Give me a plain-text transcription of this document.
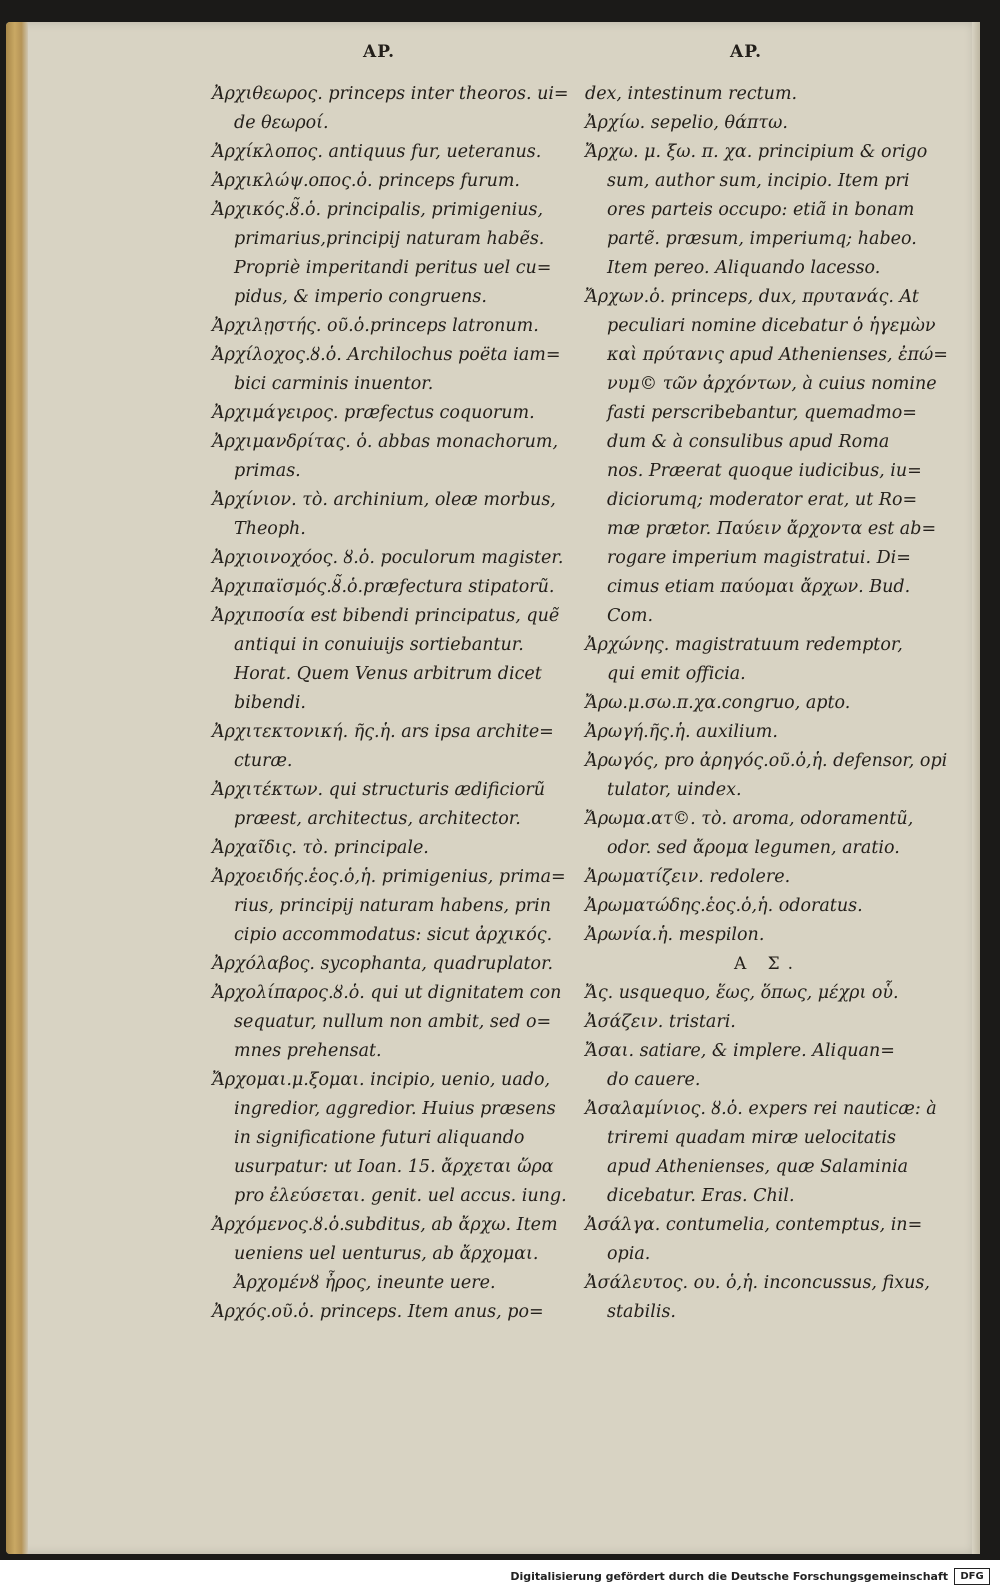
AP.	AP.
Ἀρχιθεωρος. princeps inter theoros. ui=
de θεωροί.
Ἀρχίκλοπος. antiquus fur, ueteranus.
Ἀρχικλώψ.οπος.ὁ. princeps furum.
Ἀρχικός.ȣ̃.ὁ. principalis, primigenius,
primarius,principij naturam habẽs.
Propriè imperitandi peritus uel cu=
pidus, & imperio congruens.
Ἀρχιλῃστής. οῦ.ὁ.princeps latronum.
Ἀρχίλοχος.ȣ.ὁ. Archilochus poëta iam=
bici carminis inuentor.
Ἀρχιμάγειρος. præfectus coquorum.
Ἀρχιμανδρίτας. ὁ. abbas monachorum,
primas.
Ἀρχίνιον. τὸ. archinium, oleæ morbus,
Theoph.
Ἀρχιοινοχόος. ȣ.ὁ. poculorum magister.
Ἀρχιπαϊσμός.ȣ̃.ὁ.præfectura stipatorũ.
Ἀρχιποσία est bibendi principatus, quẽ
antiqui in conuiuijs sortiebantur.
Horat. Quem Venus arbitrum dicet
bibendi.
Ἀρχιτεκτονική. ῆς.ἡ. ars ipsa archite=
cturæ.
Ἀρχιτέκτων. qui structuris ædificiorũ
præest, architectus, architector.
Ἀρχαῖδις. τὸ. principale.
Ἀρχοειδής.ἑος.ὁ,ἡ. primigenius, prima=
rius, principij naturam habens, prin
cipio accommodatus: sicut ἀρχικός.
Ἀρχόλαβος. sycophanta, quadruplator.
Ἀρχολίπαρος.ȣ.ὁ. qui ut dignitatem con
sequatur, nullum non ambit, sed o=
mnes prehensat.
Ἄρχομαι.μ.ξομαι. incipio, uenio, uado,
ingredior, aggredior. Huius præsens
in significatione futuri aliquando
usurpatur: ut Ioan. 15. ἄρχεται ὥρα
pro ἐλεύσεται. genit. uel accus. iung.
Ἀρχόμενος.ȣ.ὁ.subditus, ab ἄρχω. Item
ueniens uel uenturus, ab ἄρχομαι.
Ἀρχομένȣ ἦρος, ineunte uere.
Ἀρχός.οῦ.ὁ. princeps. Item anus, po=
dex, intestinum rectum.
Ἀρχίω. sepelio, θάπτω.
Ἄρχω. μ. ξω. π. χα. principium & origo
sum, author sum, incipio. Item pri
ores parteis occupo: etiã in bonam
partẽ. præsum, imperiumq; habeo.
Item pereo. Aliquando lacesso.
Ἄρχων.ὁ. princeps, dux, πρυτανάς. At
peculiari nomine dicebatur ὁ ἡγεμὼν
καὶ πρύτανις apud Athenienses, ἐπώ=
νυμ© τῶν ἀρχόντων, à cuius nomine
fasti perscribebantur, quemadmo=
dum & à consulibus apud Roma
nos. Præerat quoque iudicibus, iu=
diciorumq; moderator erat, ut Ro=
mæ prætor. Παύειν ἄρχοντα est ab=
rogare imperium magistratui. Di=
cimus etiam παύομαι ἄρχων. Bud.
Com.
Ἀρχώνης. magistratuum redemptor,
qui emit officia.
Ἄρω.μ.σω.π.χα.congruo, apto.
Ἀρωγή.ῆς.ἡ. auxilium.
Ἀρωγός, pro ἀρηγός.οῦ.ὁ,ἡ. defensor, opi
tulator, uindex.
Ἄρωμα.ατ©. τὸ. aroma, odoramentũ,
odor. sed ἄρομα legumen, aratio.
Ἀρωματίζειν. redolere.
Ἀρωματώδης.ἑος.ὁ,ἡ. odoratus.
Ἀρωνία.ἡ. mespilon.
Α Σ.
Ἄς. usquequo, ἕως, ὅπως, μέχρι οὗ.
Ἀσάζειν. tristari.
Ἄσαι. satiare, & implere. Aliquan=
do cauere.
Ἀσαλαμίνιος. ȣ.ὁ. expers rei nauticæ: à
triremi quadam miræ uelocitatis
apud Athenienses, quæ Salaminia
dicebatur. Eras. Chil.
Ἀσάλγα. contumelia, contemptus, in=
opia.
Ἀσάλευτος. ου. ὁ,ἡ. inconcussus, fixus,
stabilis.
Digitalisierung gefördert durch die Deutsche Forschungsgemeinschaft	DFG
